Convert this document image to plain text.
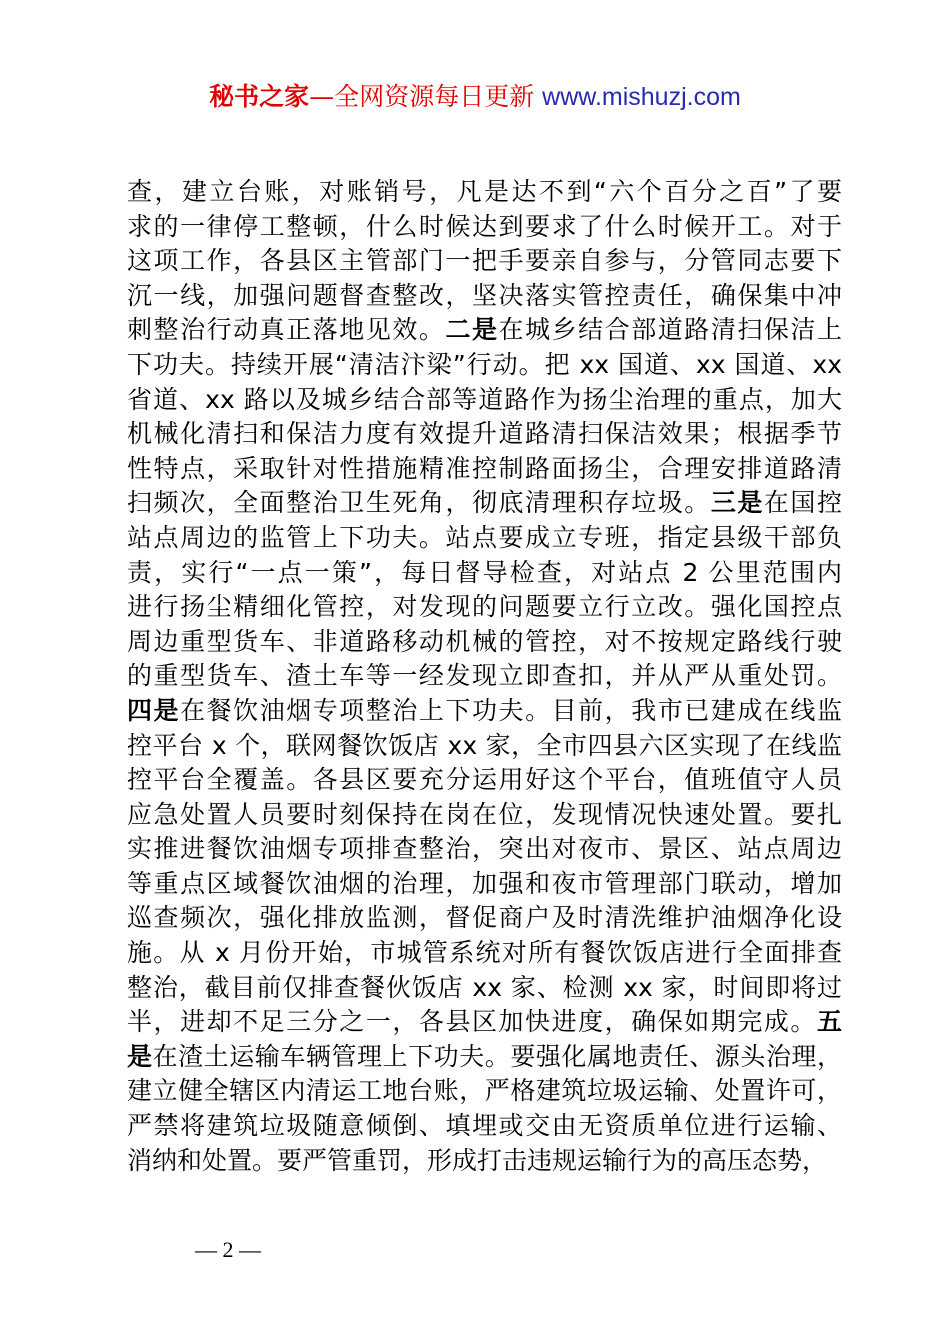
秘书之家—全网资源每日更新 www.mishuzj.com
查，建立台账，对账销号，凡是达不到“六个百分之百”了要
求的一律停工整顿，什么时候达到要求了什么时候开工。对于
这项工作，各县区主管部门一把手要亲自参与，分管同志要下
沉一线，加强问题督查整改，坚决落实管控责任，确保集中冲
刺整治行动真正落地见效。二是在城乡结合部道路清扫保洁上
下功夫。持续开展“清洁汴梁”行动。把 xx 国道、xx 国道、xx
省道、xx 路以及城乡结合部等道路作为扬尘治理的重点，加大
机械化清扫和保洁力度有效提升道路清扫保洁效果；根据季节
性特点，采取针对性措施精准控制路面扬尘，合理安排道路清
扫频次，全面整治卫生死角，彻底清理积存垃圾。三是在国控
站点周边的监管上下功夫。站点要成立专班，指定县级干部负
责，实行“一点一策”，每日督导检查，对站点 2 公里范围内
进行扬尘精细化管控，对发现的问题要立行立改。强化国控点
周边重型货车、非道路移动机械的管控，对不按规定路线行驶
的重型货车、渣土车等一经发现立即查扣，并从严从重处罚。
四是在餐饮油烟专项整治上下功夫。目前，我市已建成在线监
控平台 x 个，联网餐饮饭店 xx 家，全市四县六区实现了在线监
控平台全覆盖。各县区要充分运用好这个平台，值班值守人员
应急处置人员要时刻保持在岗在位，发现情况快速处置。要扎
实推进餐饮油烟专项排查整治，突出对夜市、景区、站点周边
等重点区域餐饮油烟的治理，加强和夜市管理部门联动，增加
巡查频次，强化排放监测，督促商户及时清洗维护油烟净化设
施。从 x 月份开始，市城管系统对所有餐饮饭店进行全面排查
整治，截目前仅排查餐伙饭店 xx 家、检测 xx 家，时间即将过
半，进却不足三分之一，各县区加快进度，确保如期完成。五
是在渣土运输车辆管理上下功夫。要强化属地责任、源头治理，
建立健全辖区内清运工地台账，严格建筑垃圾运输、处置许可，
严禁将建筑垃圾随意倾倒、填埋或交由无资质单位进行运输、
消纳和处置。要严管重罚，形成打击违规运输行为的高压态势，
— 2 —
